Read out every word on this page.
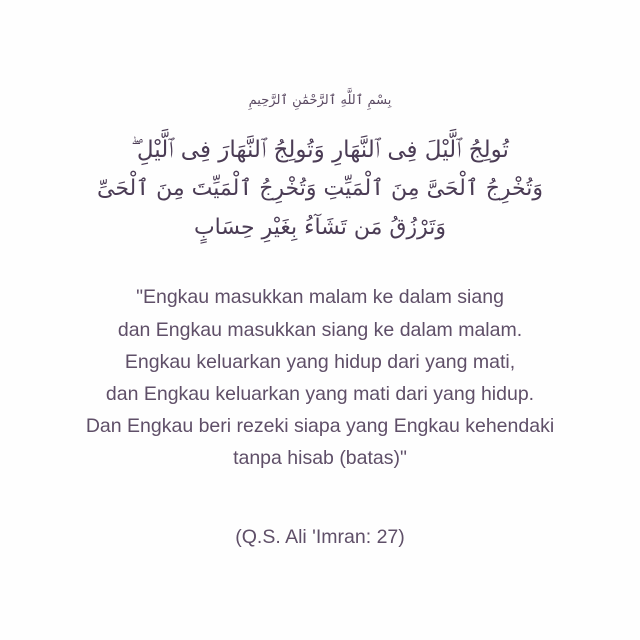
بِسْمِ ٱللَّهِ ٱلرَّحْمَٰنِ ٱلرَّحِيمِ
تُولِجُ ٱلَّيْلَ فِى ٱلنَّهَارِ وَتُولِجُ ٱلنَّهَارَ فِى ٱلَّيْلِ ۖ
وَتُخْرِجُ ٱلْحَىَّ مِنَ ٱلْمَيِّتِ وَتُخْرِجُ ٱلْمَيِّتَ مِنَ ٱلْحَىِّ
وَتَرْزُقُ مَن تَشَآءُ بِغَيْرِ حِسَابٍ
"Engkau masukkan malam ke dalam siang
dan Engkau masukkan siang ke dalam malam.
Engkau keluarkan yang hidup dari yang mati,
dan Engkau keluarkan yang mati dari yang hidup.
Dan Engkau beri rezeki siapa yang Engkau kehendaki
tanpa hisab (batas)"
(Q.S. Ali 'Imran: 27)
